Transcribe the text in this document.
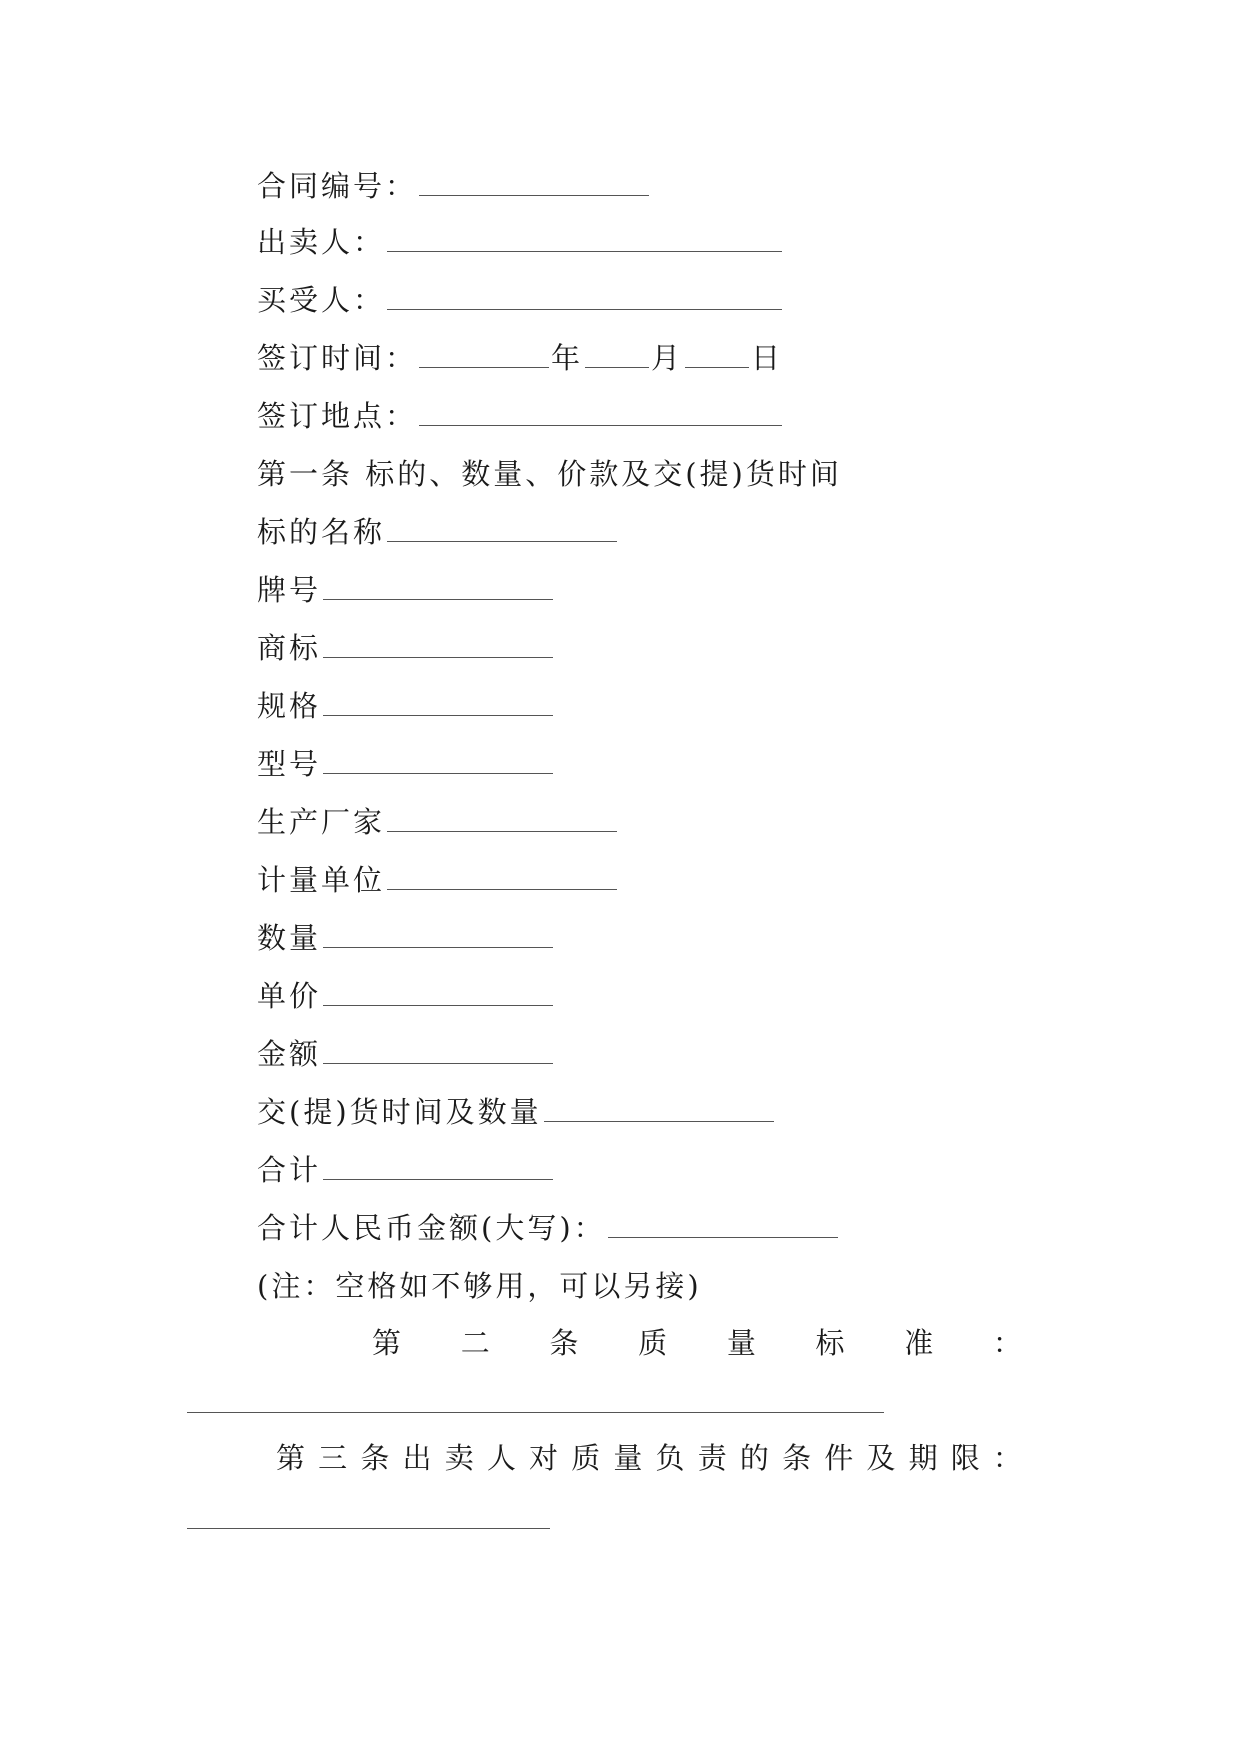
合同编号：
出卖人：
买受人：
签订时间：	年 月 日
签订地点：
第一条 标的、数量、价款及交(提)货时间
标的名称
牌号
商标
规格
型号
生产厂家
计量单位
数量
单价
金额
交(提)货时间及数量
合计
合计人民币金额(大写)：
(注：空格如不够用，可以另接)
第 二 条 质 量 标 准 ：
第 三 条 出 卖 人 对 质 量 负 责 的 条 件 及 期 限 ：
